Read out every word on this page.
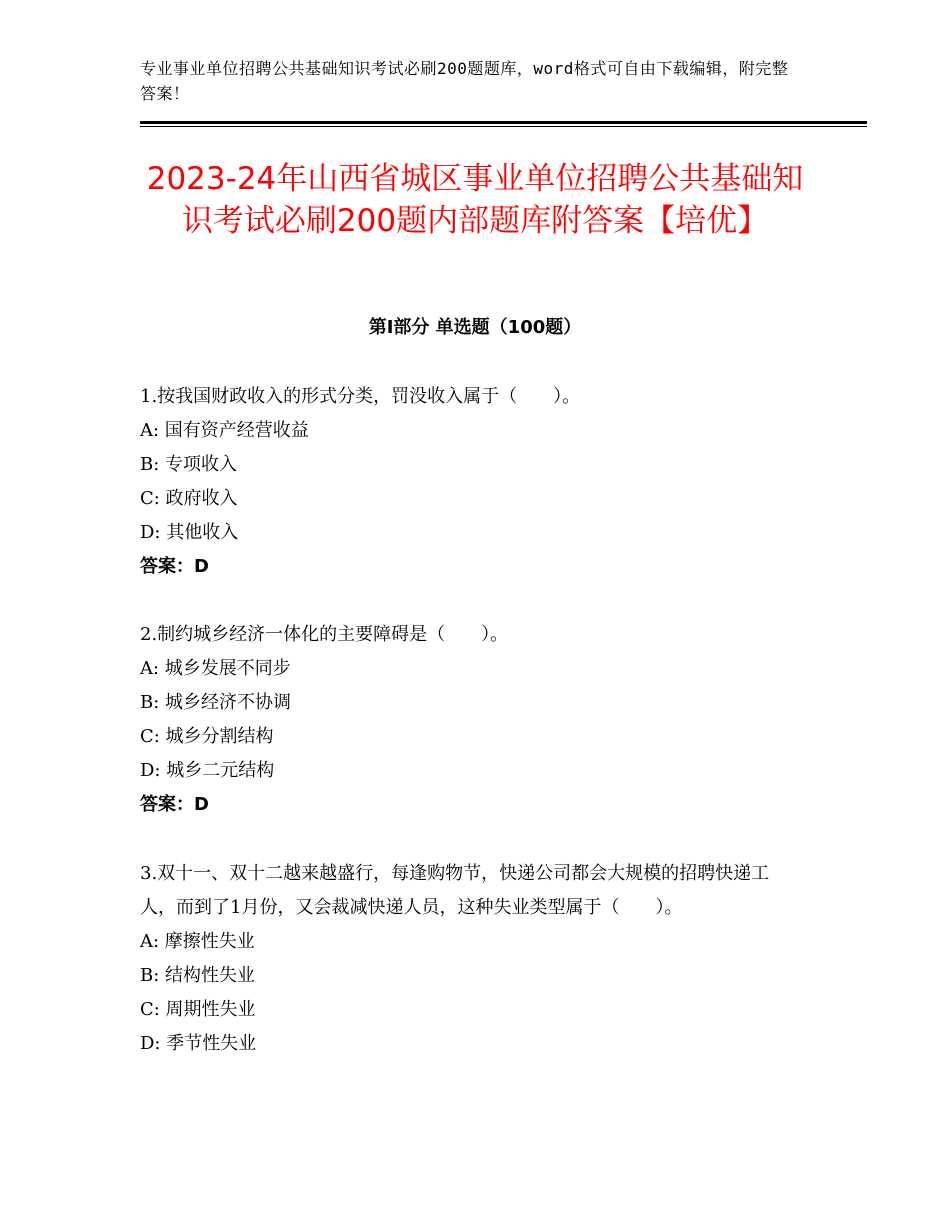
专业事业单位招聘公共基础知识考试必刷200题题库，word格式可自由下载编辑，附完整答案！
2023-24年山西省城区事业单位招聘公共基础知识考试必刷200题内部题库附答案【培优】
第Ⅰ部分 单选题（100题）

1.按我国财政收入的形式分类，罚没收入属于（　　）。

A: 国有资产经营收益

B: 专项收入

C: 政府收入

D: 其他收入

答案：D

2.制约城乡经济一体化的主要障碍是（　　）。

A: 城乡发展不同步

B: 城乡经济不协调

C: 城乡分割结构

D: 城乡二元结构

答案：D

3.双十一、双十二越来越盛行，每逢购物节，快递公司都会大规模的招聘快递工人，而到了1月份，又会裁减快递人员，这种失业类型属于（　　）。

A: 摩擦性失业

B: 结构性失业

C: 周期性失业

D: 季节性失业
